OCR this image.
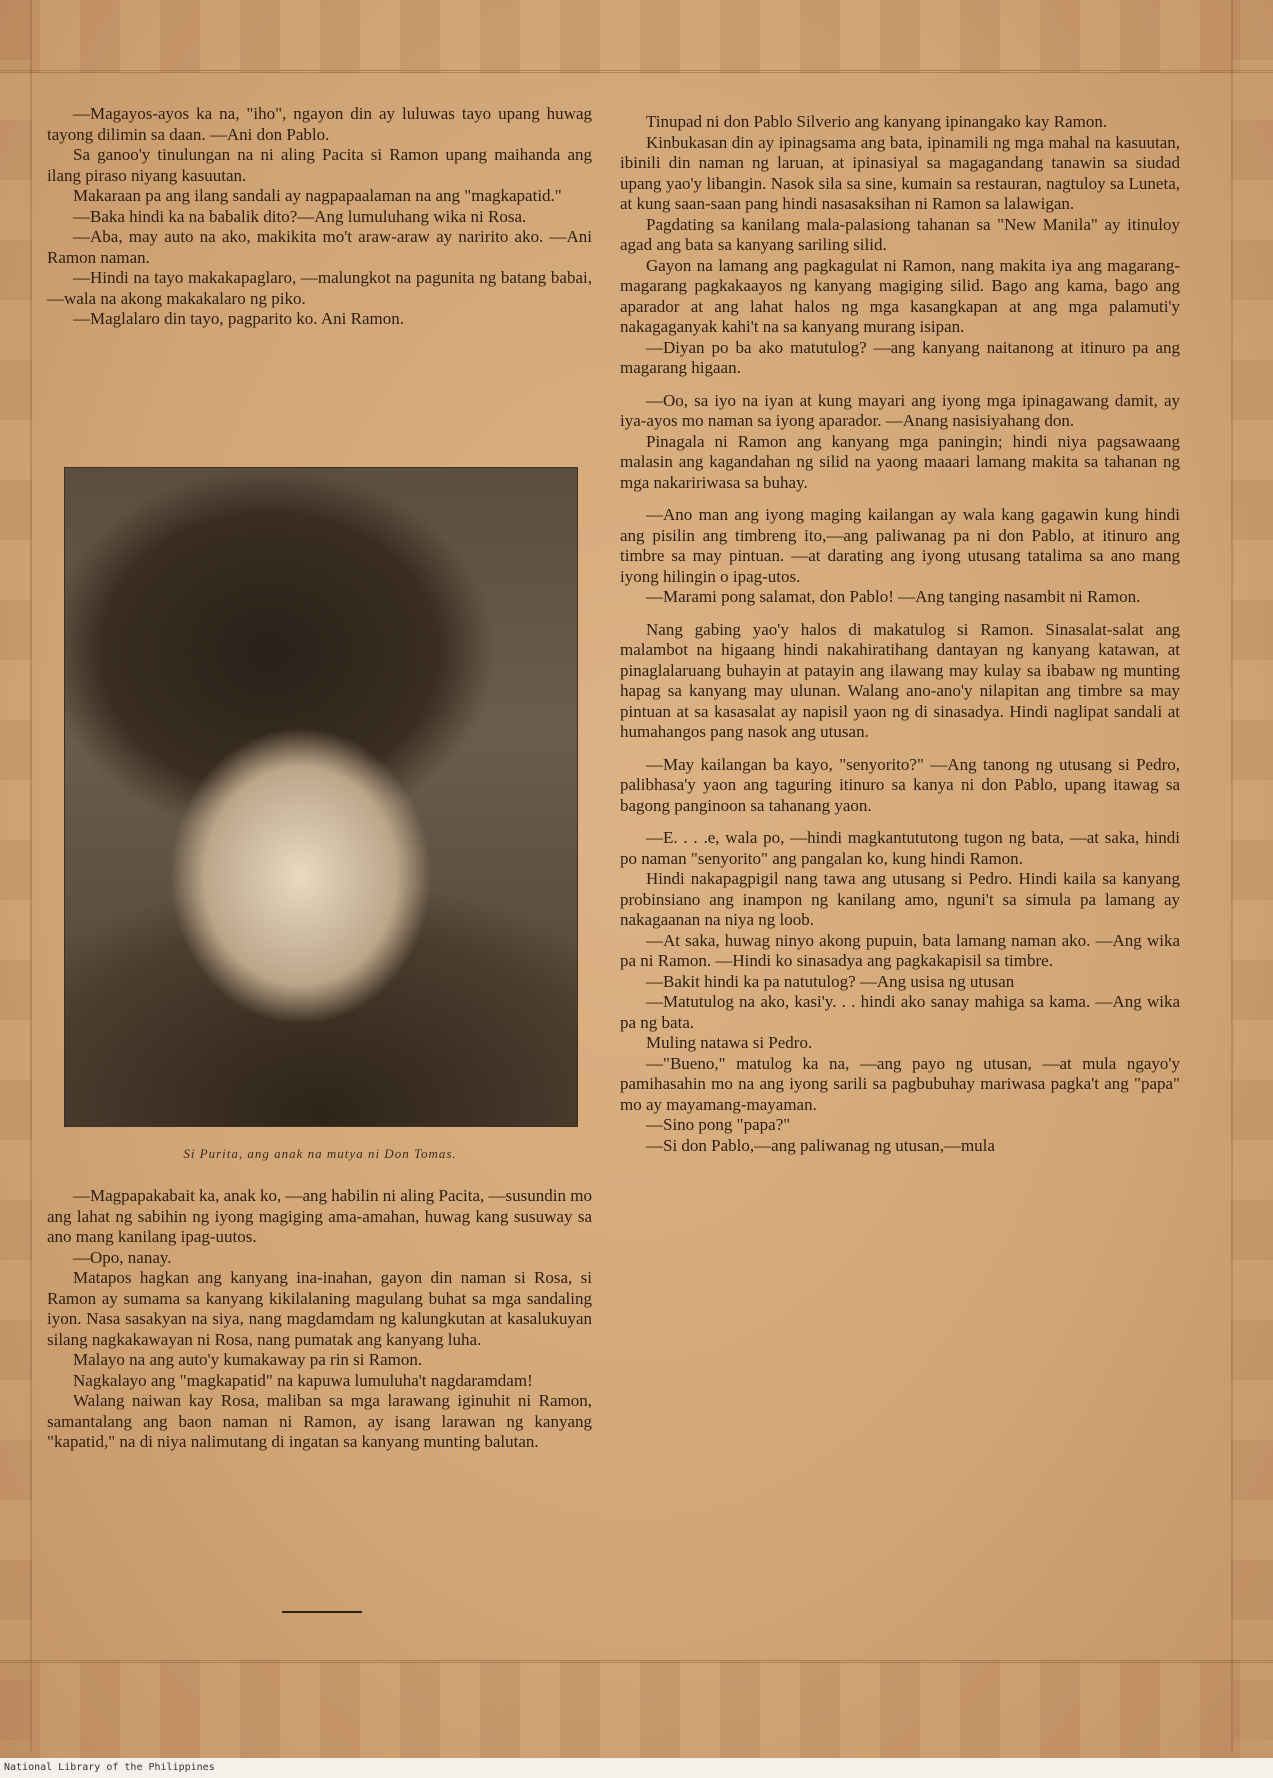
—Magayos-ayos ka na, "iho", ngayon din ay luluwas tayo upang huwag tayong dilimin sa daan. —Ani don Pablo.

Sa ganoo'y tinulungan na ni aling Pacita si Ramon upang maihanda ang ilang piraso niyang kasuutan.

Makaraan pa ang ilang sandali ay nagpapaalaman na ang "magkapatid."

—Baka hindi ka na babalik dito?—Ang lumuluhang wika ni Rosa.

—Aba, may auto na ako, makikita mo't araw-araw ay naririto ako. —Ani Ramon naman.

—Hindi na tayo makakapaglaro, —malungkot na pagunita ng batang babai, —wala na akong makakalaro ng piko.

—Maglalaro din tayo, pagparito ko. Ani Ramon.

Si Purita, ang anak na mutya ni Don Tomas.

—Magpapakabait ka, anak ko, —ang habilin ni aling Pacita, —susundin mo ang lahat ng sabihin ng iyong magiging ama-amahan, huwag kang susuway sa ano mang kanilang ipag-uutos.

—Opo, nanay.

Matapos hagkan ang kanyang ina-inahan, gayon din naman si Rosa, si Ramon ay sumama sa kanyang kikilalaning magulang buhat sa mga sandaling iyon. Nasa sasakyan na siya, nang magdamdam ng kalungkutan at kasalukuyan silang nagkakawayan ni Rosa, nang pumatak ang kanyang luha.

Malayo na ang auto'y kumakaway pa rin si Ramon.

Nagkalayo ang "magkapatid" na kapuwa lumuluha't nagdaramdam!

Walang naiwan kay Rosa, maliban sa mga larawang iginuhit ni Ramon, samantalang ang baon naman ni Ramon, ay isang larawan ng kanyang "kapatid," na di niya nalimutang di ingatan sa kanyang munting balutan.

Tinupad ni don Pablo Silverio ang kanyang ipinangako kay Ramon.

Kinbukasan din ay ipinagsama ang bata, ipinamili ng mga mahal na kasuutan, ibinili din naman ng laruan, at ipinasiyal sa magagandang tanawin sa siudad upang yao'y libangin. Nasok sila sa sine, kumain sa restauran, nagtuloy sa Luneta, at kung saan-saan pang hindi nasasaksihan ni Ramon sa lalawigan.

Pagdating sa kanilang mala-palasiong tahanan sa "New Manila" ay itinuloy agad ang bata sa kanyang sariling silid.

Gayon na lamang ang pagkagulat ni Ramon, nang makita iya ang magarang-magarang pagkakaayos ng kanyang magiging silid. Bago ang kama, bago ang aparador at ang lahat halos ng mga kasangkapan at ang mga palamuti'y nakagaganyak kahi't na sa kanyang murang isipan.

—Diyan po ba ako matutulog? —ang kanyang naitanong at itinuro pa ang magarang higaan.

—Oo, sa iyo na iyan at kung mayari ang iyong mga ipinagawang damit, ay iya-ayos mo naman sa iyong aparador. —Anang nasisiyahang don.

Pinagala ni Ramon ang kanyang mga paningin; hindi niya pagsawaang malasin ang kagandahan ng silid na yaong maaari lamang makita sa tahanan ng mga nakaririwasa sa buhay.

—Ano man ang iyong maging kailangan ay wala kang gagawin kung hindi ang pisilin ang timbreng ito,—ang paliwanag pa ni don Pablo, at itinuro ang timbre sa may pintuan. —at darating ang iyong utusang tatalima sa ano mang iyong hilingin o ipag-utos.

—Marami pong salamat, don Pablo! —Ang tanging nasambit ni Ramon.

Nang gabing yao'y halos di makatulog si Ramon. Sinasalat-salat ang malambot na higaang hindi nakahiratihang dantayan ng kanyang katawan, at pinaglalaruang buhayin at patayin ang ilawang may kulay sa ibabaw ng munting hapag sa kanyang may ulunan. Walang ano-ano'y nilapitan ang timbre sa may pintuan at sa kasasalat ay napisil yaon ng di sinasadya. Hindi naglipat sandali at humahangos pang nasok ang utusan.

—May kailangan ba kayo, "senyorito?" —Ang tanong ng utusang si Pedro, palibhasa'y yaon ang taguring itinuro sa kanya ni don Pablo, upang itawag sa bagong panginoon sa tahanang yaon.

—E. . . .e, wala po, —hindi magkantututong tugon ng bata, —at saka, hindi po naman "senyorito" ang pangalan ko, kung hindi Ramon.

Hindi nakapagpigil nang tawa ang utusang si Pedro. Hindi kaila sa kanyang probinsiano ang inampon ng kanilang amo, nguni't sa simula pa lamang ay nakagaanan na niya ng loob.

—At saka, huwag ninyo akong pupuin, bata lamang naman ako. —Ang wika pa ni Ramon. —Hindi ko sinasadya ang pagkakapisil sa timbre.

—Bakit hindi ka pa natutulog? —Ang usisa ng utusan

—Matutulog na ako, kasi'y. . . hindi ako sanay mahiga sa kama. —Ang wika pa ng bata.

Muling natawa si Pedro.

—"Bueno," matulog ka na, —ang payo ng utusan, —at mula ngayo'y pamihasahin mo na ang iyong sarili sa pagbubuhay mariwasa pagka't ang "papa" mo ay mayamang-mayaman.

—Sino pong "papa?"

—Si don Pablo,—ang paliwanag ng utusan,—mula

National Library of the Philippines
